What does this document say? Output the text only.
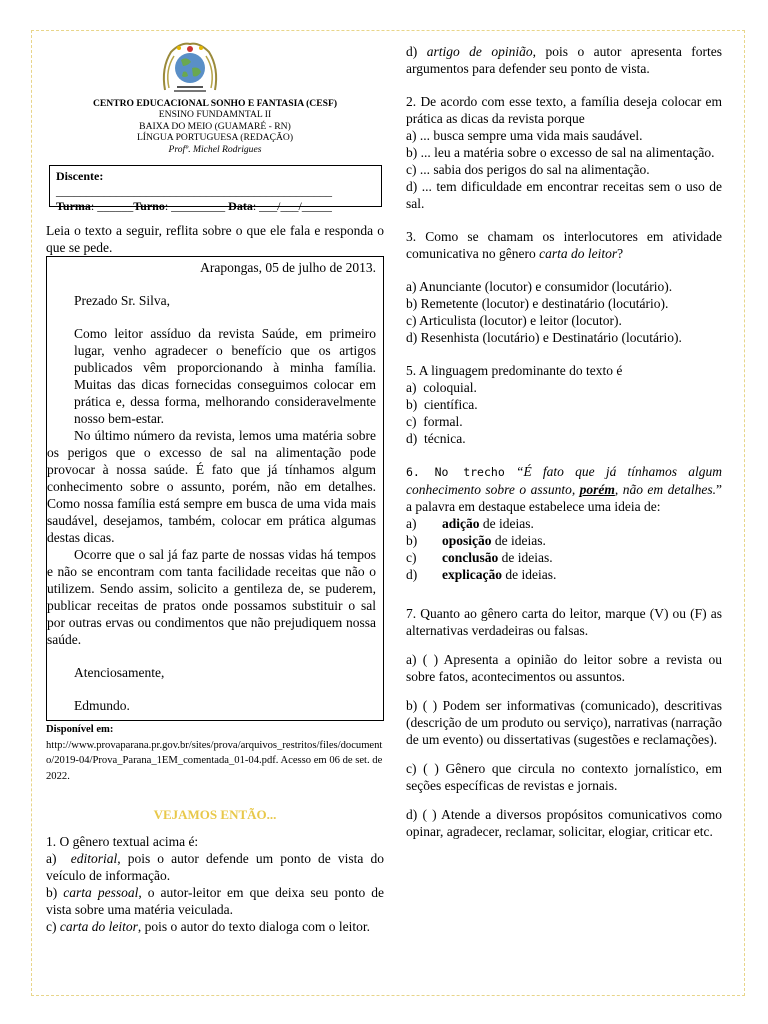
CENTRO EDUCACIONAL SONHO E FANTASIA (CESF)
ENSINO FUNDAMNTAL II
BAIXA DO MEIO (GUAMARÉ - RN)
LÍNGUA PORTUGUESA (REDAÇÃO)
Profº. Michel Rodrigues
Discente: ______________________________________________
Turma: ______Turno: _________ Data: ___/___/_____
Leia o texto a seguir, reflita sobre o que ele fala e responda o que se pede.
Arapongas, 05 de julho de 2013.
Prezado Sr. Silva,

Como leitor assíduo da revista Saúde, em primeiro lugar, venho agradecer o benefício que os artigos publicados vêm proporcionando à minha família. Muitas das dicas fornecidas conseguimos colocar em prática e, dessa forma, melhorando consideravelmente nosso bem-estar.

No último número da revista, lemos uma matéria sobre os perigos que o excesso de sal na alimentação pode provocar à nossa saúde. É fato que já tínhamos algum conhecimento sobre o assunto, porém, não em detalhes. Como nossa família está sempre em busca de uma vida mais saudável, desejamos, também, colocar em prática algumas destas dicas.

Ocorre que o sal já faz parte de nossas vidas há tempos e não se encontram com tanta facilidade receitas que não o utilizem. Sendo assim, solicito a gentileza de, se puderem, publicar receitas de pratos onde possamos substituir o sal por outras ervas ou condimentos que não prejudiquem nossa saúde.

Atenciosamente,
Edmundo.
Disponível em:
http://www.provaparana.pr.gov.br/sites/prova/arquivos_restritos/files/documento/2019-04/Prova_Parana_1EM_comentada_01-04.pdf. Acesso em 06 de set. de2022.
VEJAMOS ENTÃO...
1. O gênero textual acima é:
a) editorial, pois o autor defende um ponto de vista do veículo de informação.
b) carta pessoal, o autor-leitor em que deixa seu ponto de vista sobre uma matéria veiculada.
c) carta do leitor, pois o autor do texto dialoga com o leitor.
d) artigo de opinião, pois o autor apresenta fortes argumentos para defender seu ponto de vista.
2. De acordo com esse texto, a família deseja colocar em prática as dicas da revista porque
a) ... busca sempre uma vida mais saudável.
b) ... leu a matéria sobre o excesso de sal na alimentação.
c) ... sabia dos perigos do sal na alimentação.
d) ... tem dificuldade em encontrar receitas sem o uso de sal.
3. Como se chamam os interlocutores em atividade comunicativa no gênero carta do leitor?
a) Anunciante (locutor) e consumidor (locutário).
b) Remetente (locutor) e destinatário (locutário).
c) Articulista (locutor) e leitor (locutor).
d) Resenhista (locutário) e Destinatário (locutário).
5. A linguagem predominante do texto é
a) coloquial.
b) científica.
c) formal.
d) técnica.
6. No trecho “É fato que já tínhamos algum conhecimento sobre o assunto, porém, não em detalhes.” a palavra em destaque estabelece uma ideia de:
a)	adição de ideias.
b)	oposição de ideias.
c)	conclusão de ideias.
d)	explicação de ideias.
7. Quanto ao gênero carta do leitor, marque (V) ou (F) as alternativas verdadeiras ou falsas.
a) ( ) Apresenta a opinião do leitor sobre a revista ou sobre fatos, acontecimentos ou assuntos.
b) ( ) Podem ser informativas (comunicado), descritivas (descrição de um produto ou serviço), narrativas (narração de um evento) ou dissertativas (sugestões e reclamações).
c) ( ) Gênero que circula no contexto jornalístico, em seções específicas de revistas e jornais.
d) ( ) Atende a diversos propósitos comunicativos como opinar, agradecer, reclamar, solicitar, elogiar, criticar etc.
